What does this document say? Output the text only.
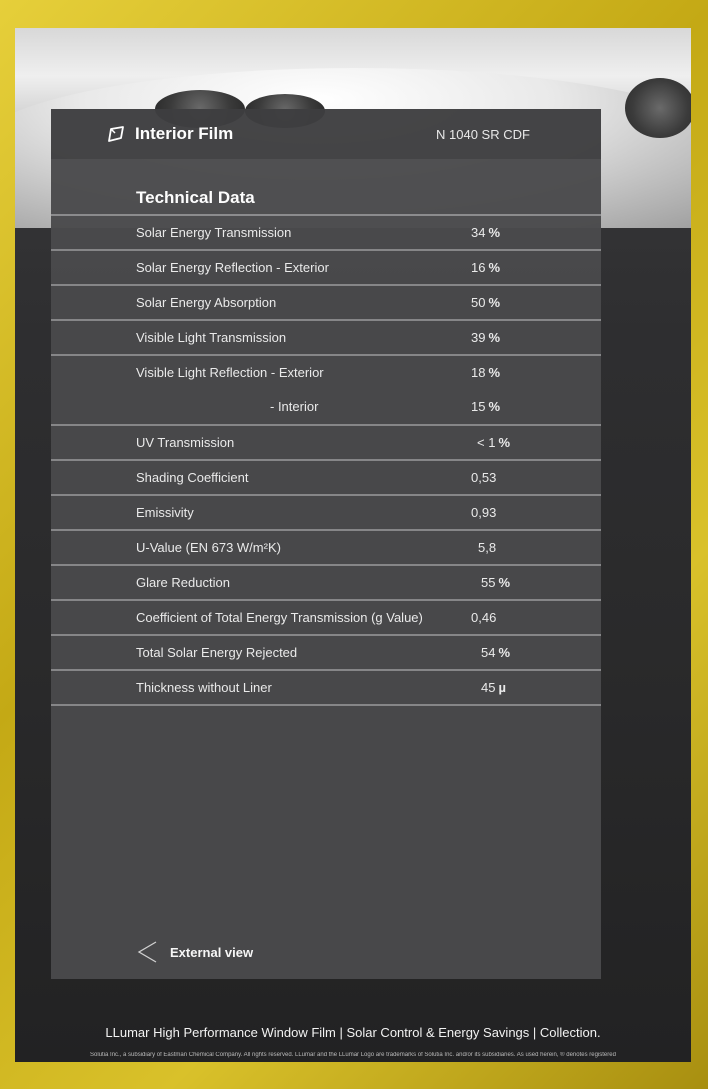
Interior Film	N 1040 SR CDF
Technical Data
Solar Energy Transmission	34 %
Solar Energy Reflection - Exterior	16 %
Solar Energy Absorption	50 %
Visible Light Transmission	39 %
Visible Light Reflection - Exterior	18 %
- Interior	15 %
UV Transmission	< 1 %
Shading Coefficient	0,53
Emissivity	0,93
U-Value (EN 673 W/m²K)	5,8
Glare Reduction	55 %
Coefficient of Total Energy Transmission (g Value)	0,46
Total Solar Energy Rejected	54 %
Thickness without Liner	45 µ
External view
LLumar High Performance Window Film | Solar Control & Energy Savings | Collection.
Solutia Inc., a subsidiary of Eastman Chemical Company. All rights reserved. LLumar and the LLumar Logo are trademarks of Solutia Inc. and/or its subsidiaries. As used herein, ® denotes registered
